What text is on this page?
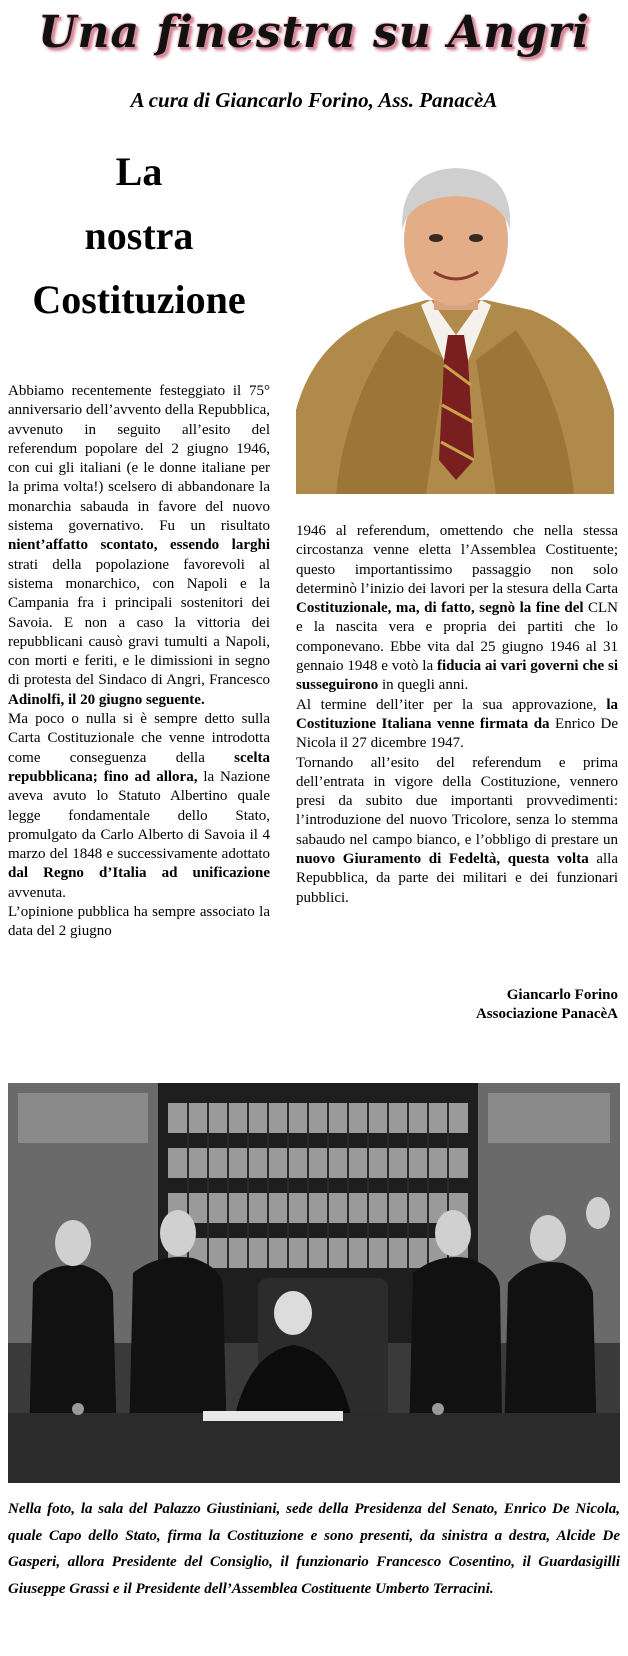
Una finestra su Angri
A cura di Giancarlo Forino, Ass. PanacèA
La
nostra
Costituzione

Abbiamo recentemente festeggiato il 75° anniversario dell’avvento della Repubblica, avvenuto in seguito all’esito del referendum popolare del 2 giugno 1946, con cui gli italiani (e le donne italiane per la prima volta!) scelsero di abbandonare la monarchia sabauda in favore del nuovo sistema governativo. Fu un risultato nient’affatto scontato, essendo larghi strati della popolazione favorevoli al sistema monarchico, con Napoli e la Campania fra i principali sostenitori dei Savoia. E non a caso la vittoria dei repubblicani causò gravi tumulti a Napoli, con morti e feriti, e le dimissioni in segno di protesta del Sindaco di Angri, Francesco Adinolfi, il 20 giugno seguente.

Ma poco o nulla si è sempre detto sulla Carta Costituzionale che venne introdotta come conseguenza della scelta repubblicana; fino ad allora, la Nazione aveva avuto lo Statuto Albertino quale legge fondamentale dello Stato, promulgato da Carlo Alberto di Savoia il 4 marzo del 1848 e successivamente adottato dal Regno d’Italia ad unificazione avvenuta.

L’opinione pubblica ha sempre associato la data del 2 giugno

1946 al referendum, omettendo che nella stessa circostanza venne eletta l’Assemblea Costituente; questo importantissimo passaggio non solo determinò l’inizio dei lavori per la stesura della Carta Costituzionale, ma, di fatto, segnò la fine del CLN e la nascita vera e propria dei partiti che lo componevano. Ebbe vita dal 25 giugno 1946 al 31 gennaio 1948 e votò la fiducia ai vari governi che si susseguirono in quegli anni.

Al termine dell’iter per la sua approvazione, la Costituzione Italiana venne firmata da Enrico De Nicola il 27 dicembre 1947.

Tornando all’esito del referendum e prima dell’entrata in vigore della Costituzione, vennero presi da subito due importanti provvedimenti: l’introduzione del nuovo Tricolore, senza lo stemma sabaudo nel campo bianco, e l’obbligo di prestare un nuovo Giuramento di Fedeltà, questa volta alla Repubblica, da parte dei militari e dei funzionari pubblici.

Giancarlo Forino
Associazione PanacèA
Nella foto, la sala del Palazzo Giustiniani, sede della Presidenza del Senato, Enrico De Nicola, quale Capo dello Stato, firma la Costituzione e sono presenti, da sinistra a destra, Alcide De Gasperi, allora Presidente del Consiglio, il funzionario Francesco Cosentino, il Guardasigilli Giuseppe Grassi e il Presidente dell’Assemblea Costituente Umberto Terracini.
